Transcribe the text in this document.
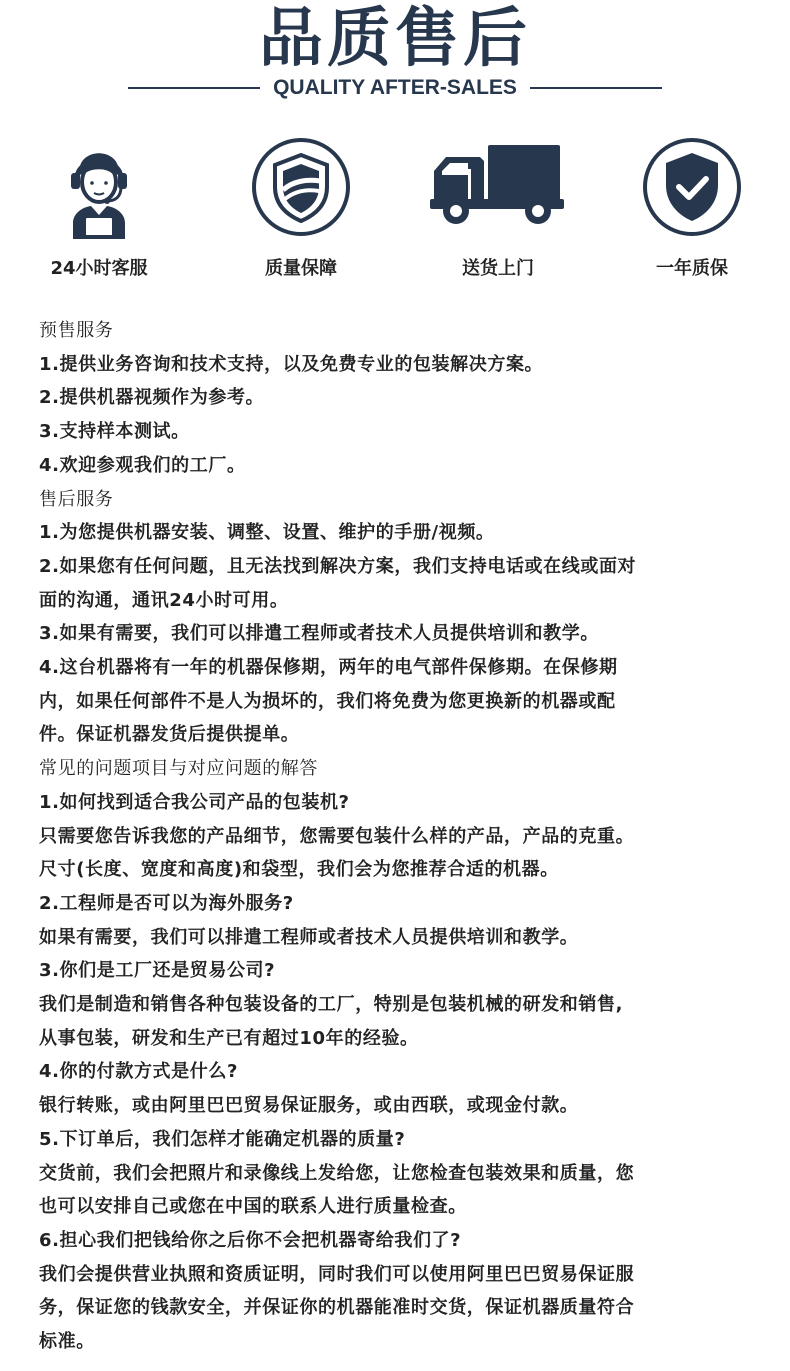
品质售后
QUALITY AFTER-SALES
24小时客服	质量保障	送货上门	一年质保
预售服务
1.提供业务咨询和技术支持，以及免费专业的包装解决方案。
2.提供机器视频作为参考。
3.支持样本测试。
4.欢迎参观我们的工厂。
售后服务
1.为您提供机器安装、调整、设置、维护的手册/视频。
2.如果您有任何问题，且无法找到解决方案，我们支持电话或在线或面对
面的沟通，通讯24小时可用。
3.如果有需要，我们可以排遣工程师或者技术人员提供培训和教学。
4.这台机器将有一年的机器保修期，两年的电气部件保修期。在保修期
内，如果任何部件不是人为损坏的，我们将免费为您更换新的机器或配
件。保证机器发货后提供提单。
常见的问题项目与对应问题的解答
1.如何找到适合我公司产品的包装机?
只需要您告诉我您的产品细节，您需要包装什么样的产品，产品的克重。
尺寸(长度、宽度和高度)和袋型，我们会为您推荐合适的机器。
2.工程师是否可以为海外服务?
如果有需要，我们可以排遣工程师或者技术人员提供培训和教学。
3.你们是工厂还是贸易公司?
我们是制造和销售各种包装设备的工厂，特别是包装机械的研发和销售,
从事包装，研发和生产已有超过10年的经验。
4.你的付款方式是什么?
银行转账，或由阿里巴巴贸易保证服务，或由西联，或现金付款。
5.下订单后，我们怎样才能确定机器的质量?
交货前，我们会把照片和录像线上发给您，让您检查包装效果和质量，您
也可以安排自己或您在中国的联系人进行质量检查。
6.担心我们把钱给你之后你不会把机器寄给我们了?
我们会提供营业执照和资质证明，同时我们可以使用阿里巴巴贸易保证服
务，保证您的钱款安全，并保证你的机器能准时交货，保证机器质量符合
标准。
